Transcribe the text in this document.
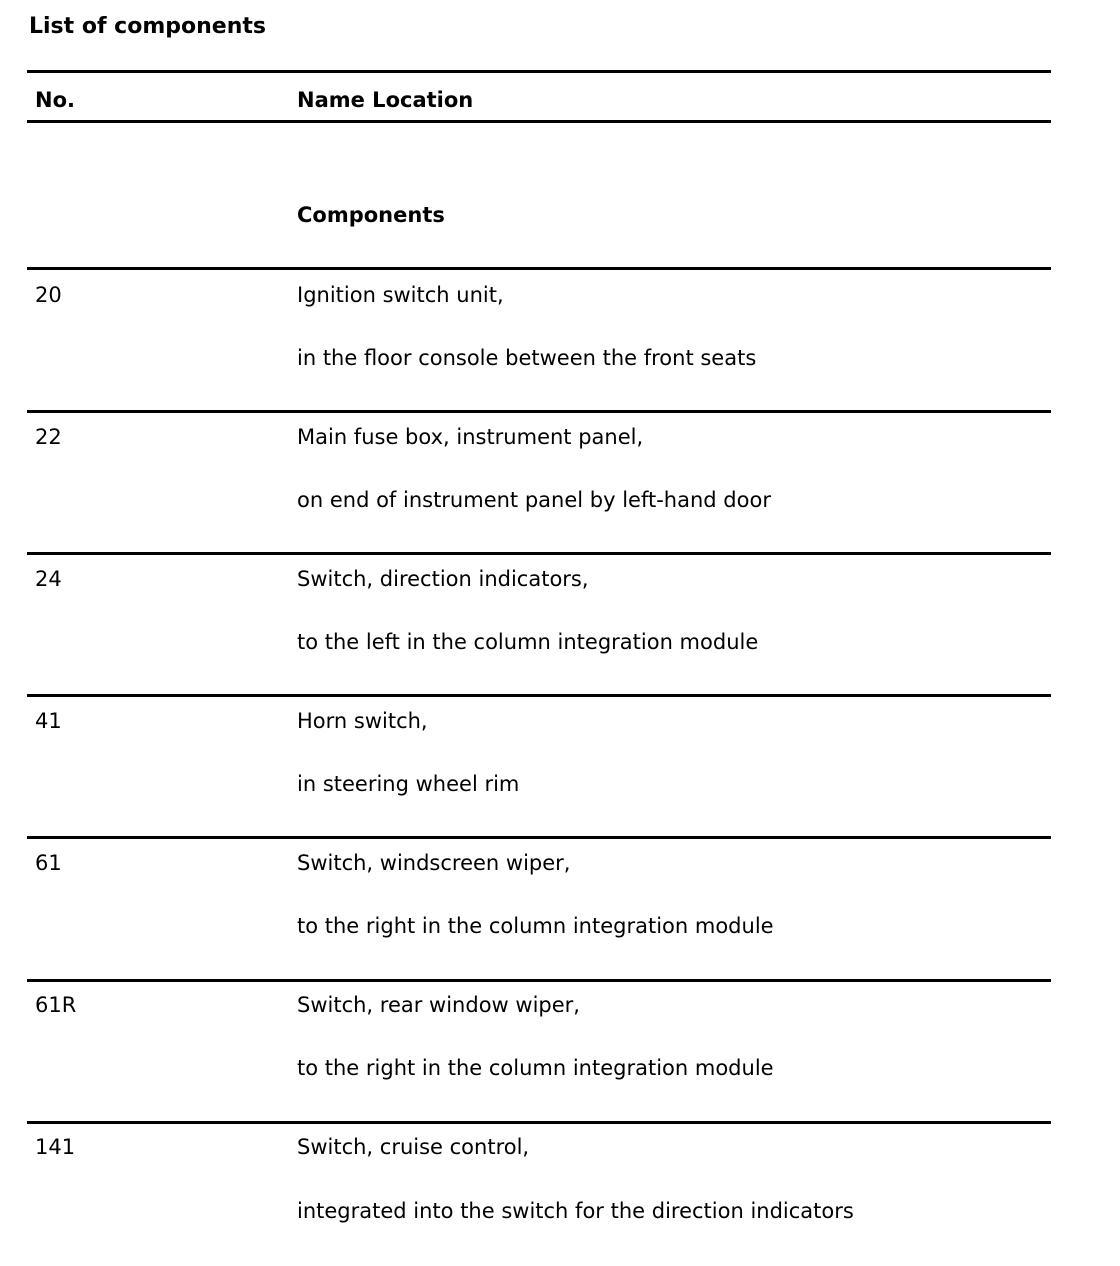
List of components
No.	Name Location
Components
20	Ignition switch unit,
in the floor console between the front seats
22	Main fuse box, instrument panel,
on end of instrument panel by left-hand door
24	Switch, direction indicators,
to the left in the column integration module
41	Horn switch,
in steering wheel rim
61	Switch, windscreen wiper,
to the right in the column integration module
61R	Switch, rear window wiper,
to the right in the column integration module
141	Switch, cruise control,
integrated into the switch for the direction indicators
